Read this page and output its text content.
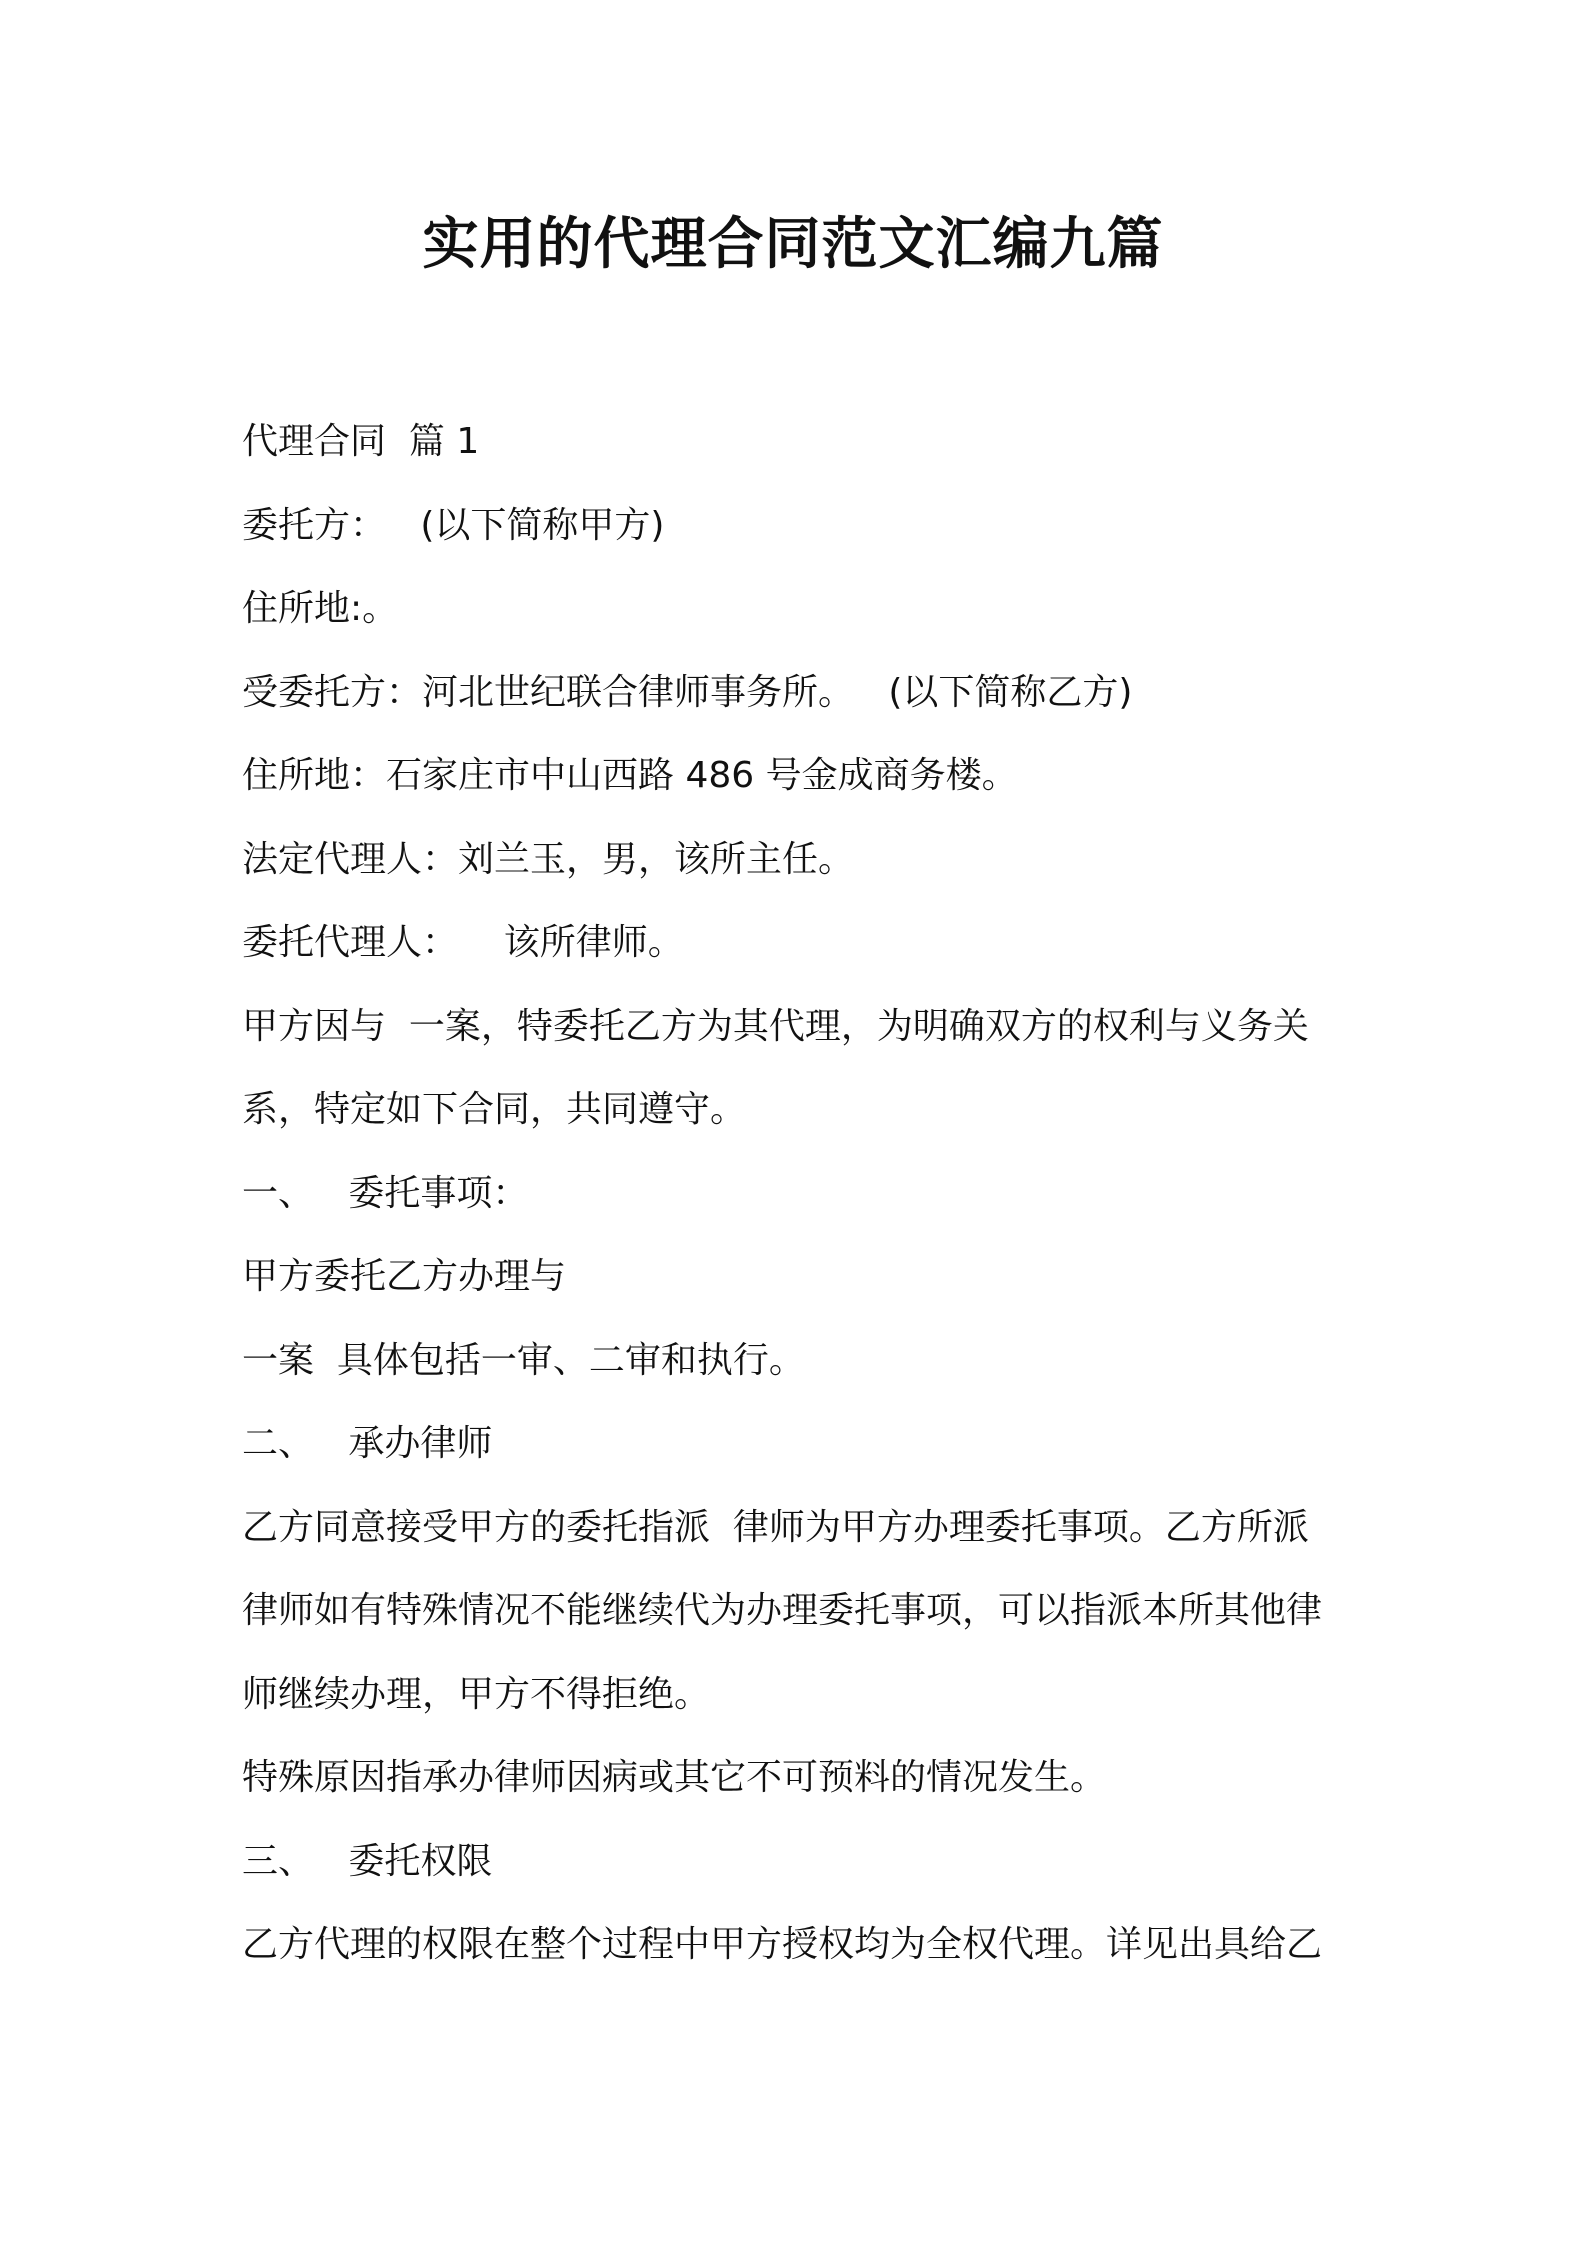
实用的代理合同范文汇编九篇

代理合同  篇 1

委托方：   (以下简称甲方)

住所地:。

受委托方：河北世纪联合律师事务所。   (以下简称乙方)

住所地：石家庄市中山西路 486 号金成商务楼。

法定代理人：刘兰玉，男，该所主任。

委托代理人：    该所律师。

甲方因与  一案，特委托乙方为其代理，为明确双方的权利与义务关

系，特定如下合同，共同遵守。

一、   委托事项：

甲方委托乙方办理与

一案  具体包括一审、二审和执行。

二、   承办律师

乙方同意接受甲方的委托指派  律师为甲方办理委托事项。乙方所派

律师如有特殊情况不能继续代为办理委托事项，可以指派本所其他律

师继续办理，甲方不得拒绝。

特殊原因指承办律师因病或其它不可预料的情况发生。

三、   委托权限

乙方代理的权限在整个过程中甲方授权均为全权代理。详见出具给乙
